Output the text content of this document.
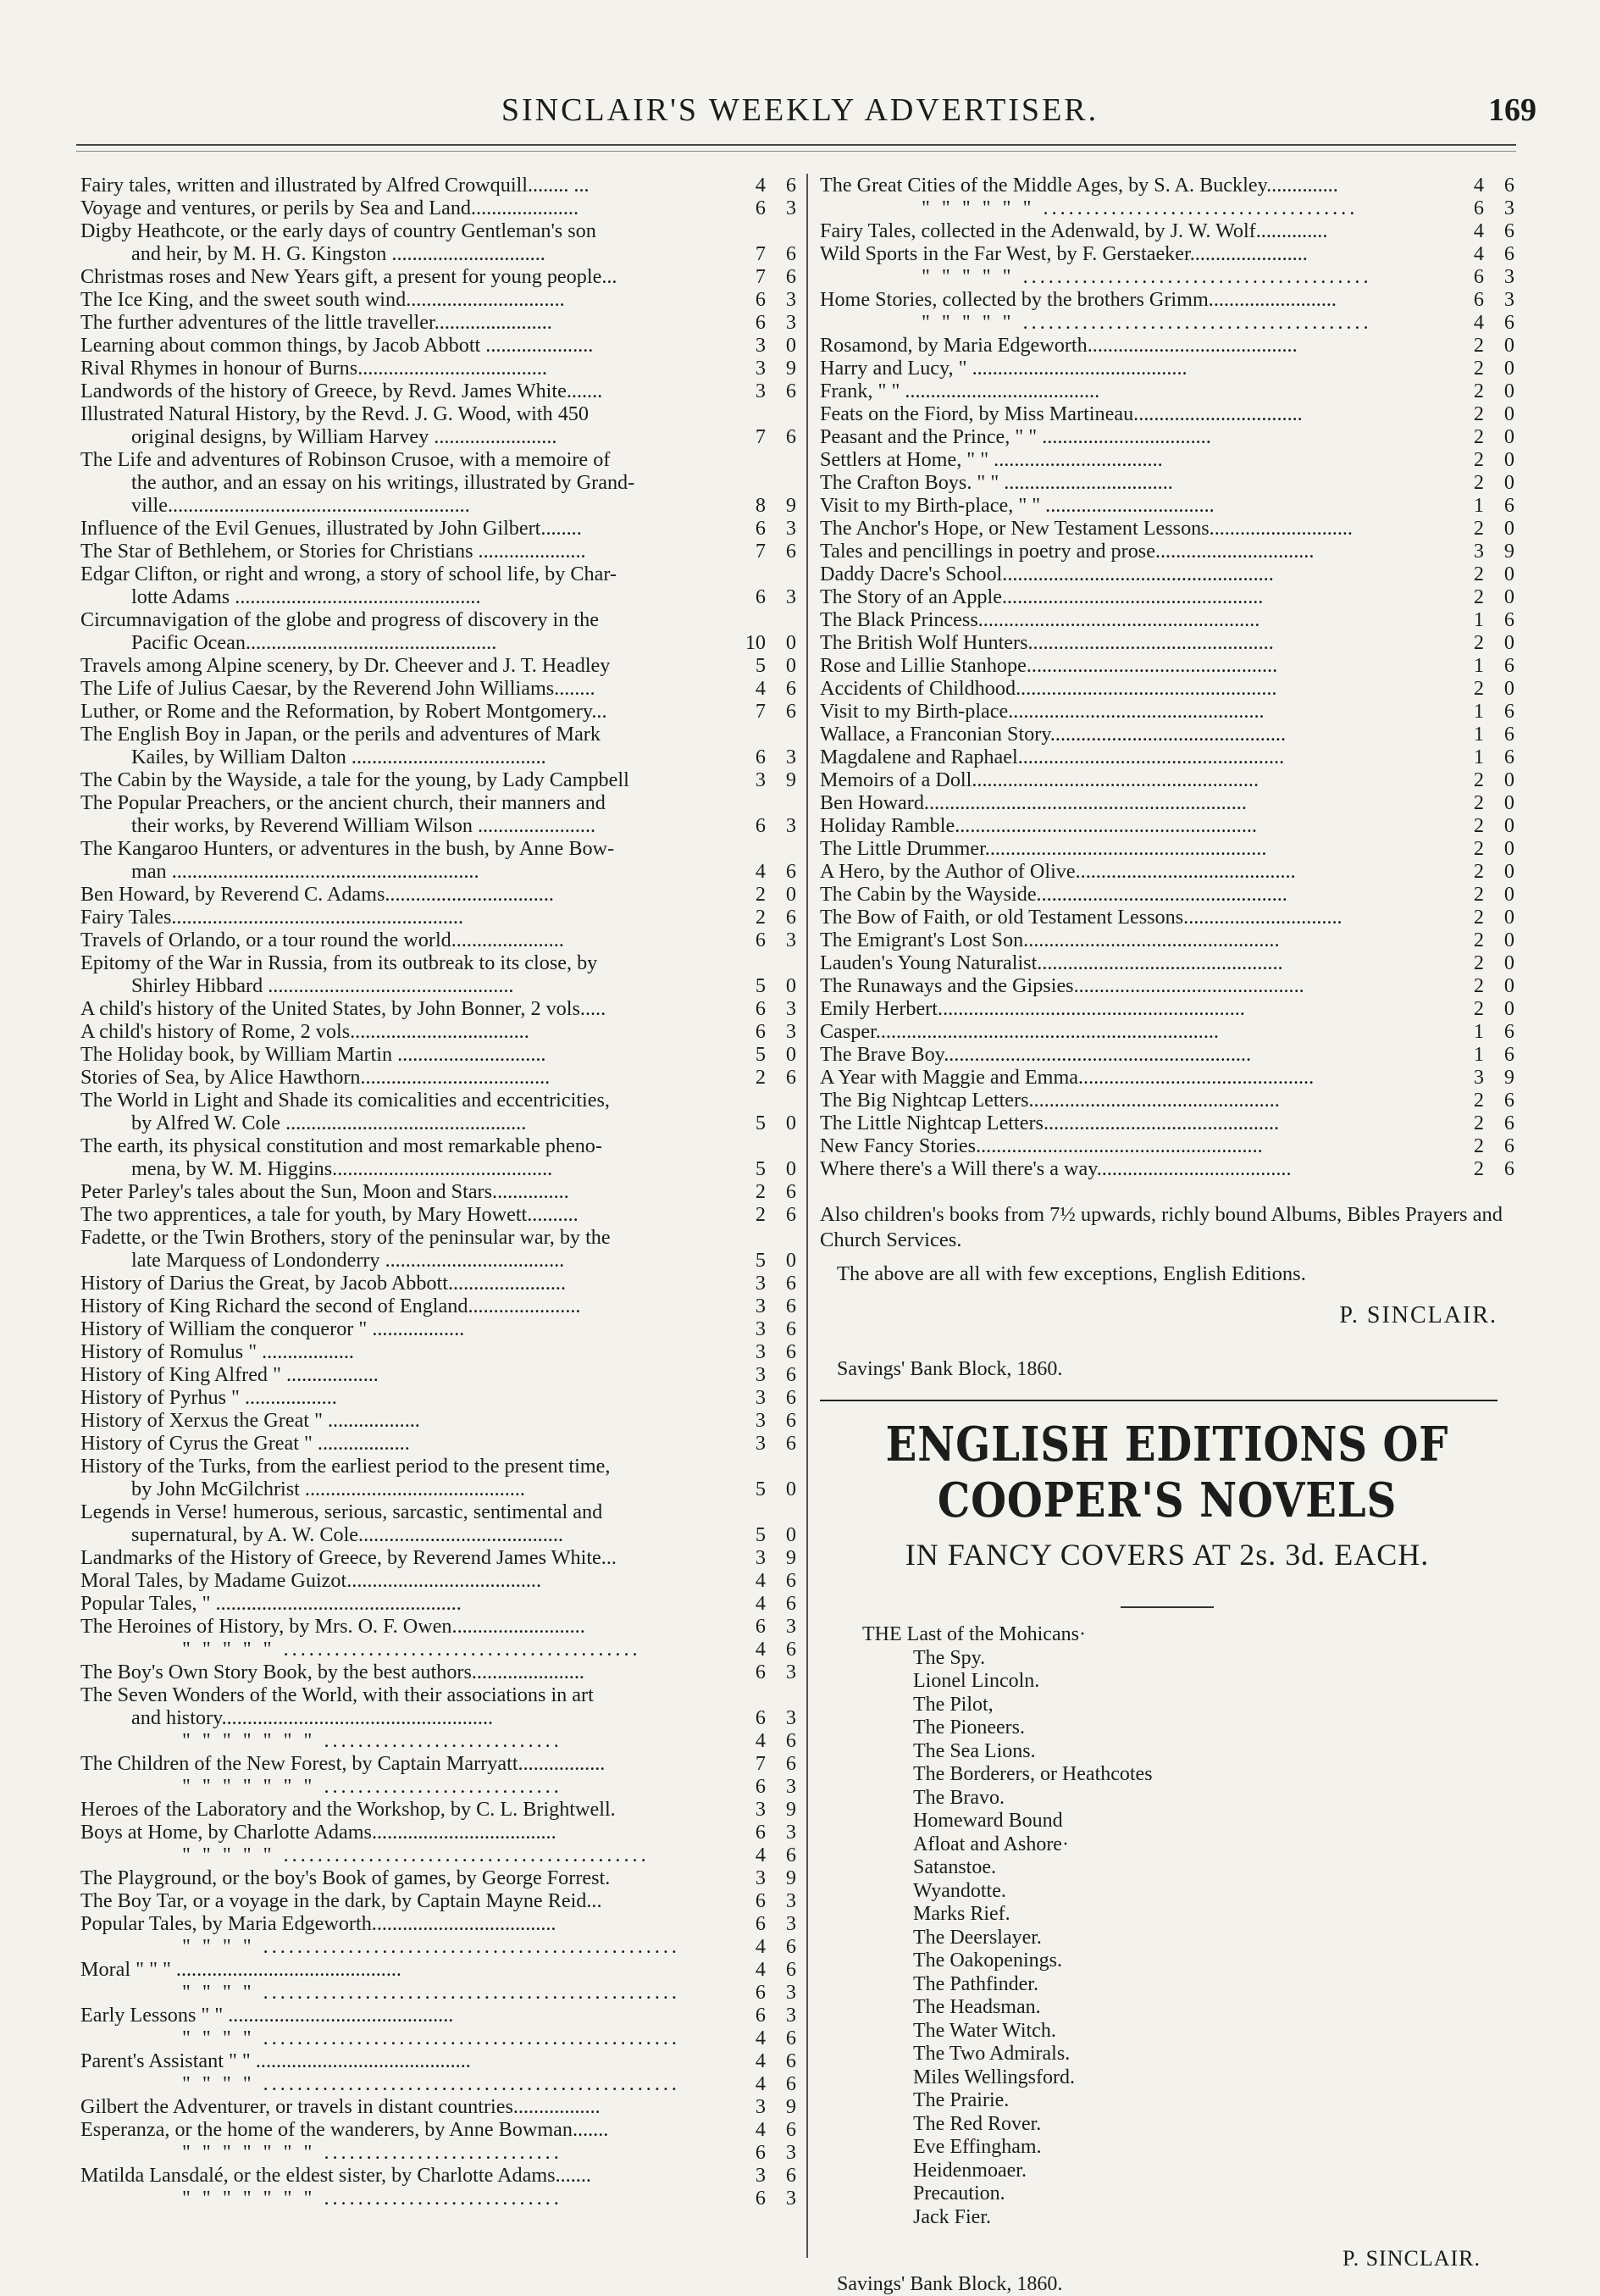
SINCLAIR'S WEEKLY ADVERTISER.	169
Fairy tales, written and illustrated by Alfred Crowquill........ ...	4 6
Voyage and ventures, or perils by Sea and Land.....................	6 3
Digby Heathcote, or the early days of country Gentleman's son
and heir, by M. H. G. Kingston ..............................	7 6
Christmas roses and New Years gift, a present for young people...	7 6
The Ice King, and the sweet south wind...............................	6 3
The further adventures of the little traveller.......................	6 3
Learning about common things, by Jacob Abbott .....................	3 0
Rival Rhymes in honour of Burns.....................................	3 9
Landwords of the history of Greece, by Revd. James White.......	3 6
Illustrated Natural History, by the Revd. J. G. Wood, with 450
original designs, by William Harvey ........................	7 6
The Life and adventures of Robinson Crusoe, with a memoire of
the author, and an essay on his writings, illustrated by Grand-
ville...........................................................	8 9
Influence of the Evil Genues, illustrated by John Gilbert........	6 3
The Star of Bethlehem, or Stories for Christians .....................	7 6
Edgar Clifton, or right and wrong, a story of school life, by Char-
lotte Adams ................................................	6 3
Circumnavigation of the globe and progress of discovery in the
Pacific Ocean.................................................	10 0
Travels among Alpine scenery, by Dr. Cheever and J. T. Headley	5 0
The Life of Julius Caesar, by the Reverend John Williams........	4 6
Luther, or Rome and the Reformation, by Robert Montgomery...	7 6
The English Boy in Japan, or the perils and adventures of Mark
Kailes, by William Dalton ......................................	6 3
The Cabin by the Wayside, a tale for the young, by Lady Campbell	3 9
The Popular Preachers, or the ancient church, their manners and
their works, by Reverend William Wilson .......................	6 3
The Kangaroo Hunters, or adventures in the bush, by Anne Bow-
man ............................................................	4 6
Ben Howard, by Reverend C. Adams.................................	2 0
Fairy Tales.........................................................	2 6
Travels of Orlando, or a tour round the world......................	6 3
Epitomy of the War in Russia, from its outbreak to its close, by
Shirley Hibbard ................................................	5 0
A child's history of the United States, by John Bonner, 2 vols.....	6 3
A child's history of Rome, 2 vols...................................	6 3
The Holiday book, by William Martin .............................	5 0
Stories of Sea, by Alice Hawthorn.....................................	2 6
The World in Light and Shade its comicalities and eccentricities,
by Alfred W. Cole ...............................................	5 0
The earth, its physical constitution and most remarkable pheno-
mena, by W. M. Higgins...........................................	5 0
Peter Parley's tales about the Sun, Moon and Stars...............	2 6
The two apprentices, a tale for youth, by Mary Howett..........	2 6
Fadette, or the Twin Brothers, story of the peninsular war, by the
late Marquess of Londonderry ...................................	5 0
History of Darius the Great, by Jacob Abbott.......................	3 6
History of King Richard the second of England......................	3 6
History of William the conqueror " ..................	3 6
History of Romulus " ..................	3 6
History of King Alfred " ..................	3 6
History of Pyrhus " ..................	3 6
History of Xerxus the Great " ..................	3 6
History of Cyrus the Great " ..................	3 6
History of the Turks, from the earliest period to the present time,
by John McGilchrist ...........................................	5 0
Legends in Verse! humerous, serious, sarcastic, sentimental and
supernatural, by A. W. Cole........................................	5 0
Landmarks of the History of Greece, by Reverend James White...	3 9
Moral Tales, by Madame Guizot......................................	4 6
Popular Tales, " ................................................	4 6
The Heroines of History, by Mrs. O. F. Owen..........................	6 3
" " " " " ..........................................	4 6
The Boy's Own Story Book, by the best authors......................	6 3
The Seven Wonders of the World, with their associations in art
and history.....................................................	6 3
" " " " " " " ............................	4 6
The Children of the New Forest, by Captain Marryatt.................	7 6
" " " " " " " ............................	6 3
Heroes of the Laboratory and the Workshop, by C. L. Brightwell.	3 9
Boys at Home, by Charlotte Adams....................................	6 3
" " " " " ...........................................	4 6
The Playground, or the boy's Book of games, by George Forrest.	3 9
The Boy Tar, or a voyage in the dark, by Captain Mayne Reid...	6 3
Popular Tales, by Maria Edgeworth....................................	6 3
" " " " .................................................	4 6
Moral " " " ............................................	4 6
" " " " .................................................	6 3
Early Lessons " " ............................................	6 3
" " " " .................................................	4 6
Parent's Assistant " " ..........................................	4 6
" " " " .................................................	4 6
Gilbert the Adventurer, or travels in distant countries.................	3 9
Esperanza, or the home of the wanderers, by Anne Bowman.......	4 6
" " " " " " " ............................	6 3
Matilda Lansdalé, or the eldest sister, by Charlotte Adams.......	3 6
" " " " " " " ............................	6 3
The Great Cities of the Middle Ages, by S. A. Buckley..............	4 6
" " " " " " .....................................	6 3
Fairy Tales, collected in the Adenwald, by J. W. Wolf..............	4 6
Wild Sports in the Far West, by F. Gerstaeker.......................	4 6
" " " " " .........................................	6 3
Home Stories, collected by the brothers Grimm.........................	6 3
" " " " " .........................................	4 6
Rosamond, by Maria Edgeworth.........................................	2 0
Harry and Lucy, " ..........................................	2 0
Frank, " " ......................................	2 0
Feats on the Fiord, by Miss Martineau.................................	2 0
Peasant and the Prince, " " .................................	2 0
Settlers at Home, " " .................................	2 0
The Crafton Boys. " " .................................	2 0
Visit to my Birth-place, " " .................................	1 6
The Anchor's Hope, or New Testament Lessons............................	2 0
Tales and pencillings in poetry and prose...............................	3 9
Daddy Dacre's School.....................................................	2 0
The Story of an Apple...................................................	2 0
The Black Princess.......................................................	1 6
The British Wolf Hunters................................................	2 0
Rose and Lillie Stanhope.................................................	1 6
Accidents of Childhood...................................................	2 0
Visit to my Birth-place..................................................	1 6
Wallace, a Franconian Story..............................................	1 6
Magdalene and Raphael....................................................	1 6
Memoirs of a Doll........................................................	2 0
Ben Howard...............................................................	2 0
Holiday Ramble...........................................................	2 0
The Little Drummer.......................................................	2 0
A Hero, by the Author of Olive...........................................	2 0
The Cabin by the Wayside.................................................	2 0
The Bow of Faith, or old Testament Lessons...............................	2 0
The Emigrant's Lost Son..................................................	2 0
Lauden's Young Naturalist................................................	2 0
The Runaways and the Gipsies.............................................	2 0
Emily Herbert............................................................	2 0
Casper...................................................................	1 6
The Brave Boy............................................................	1 6
A Year with Maggie and Emma..............................................	3 9
The Big Nightcap Letters.................................................	2 6
The Little Nightcap Letters..............................................	2 6
New Fancy Stories........................................................	2 6
Where there's a Will there's a way......................................	2 6
Also children's books from 7½ upwards, richly bound Albums, Bibles Prayers and Church Services.
The above are all with few exceptions, English Editions.
P. SINCLAIR.
Savings' Bank Block, 1860.
ENGLISH EDITIONS OF COOPER'S NOVELS
IN FANCY COVERS AT 2s. 3d. EACH.
THE Last of the Mohicans·
The Spy.
Lionel Lincoln.
The Pilot,
The Pioneers.
The Sea Lions.
The Borderers, or Heathcotes
The Bravo.
Homeward Bound
Afloat and Ashore·
Satanstoe.
Wyandotte.
Marks Rief.
The Deerslayer.
The Oakopenings.
The Pathfinder.
The Headsman.
The Water Witch.
The Two Admirals.
Miles Wellingsford.
The Prairie.
The Red Rover.
Eve Effingham.
Heidenmoaer.
Precaution.
Jack Fier.
P. SINCLAIR.
Savings' Bank Block, 1860.
